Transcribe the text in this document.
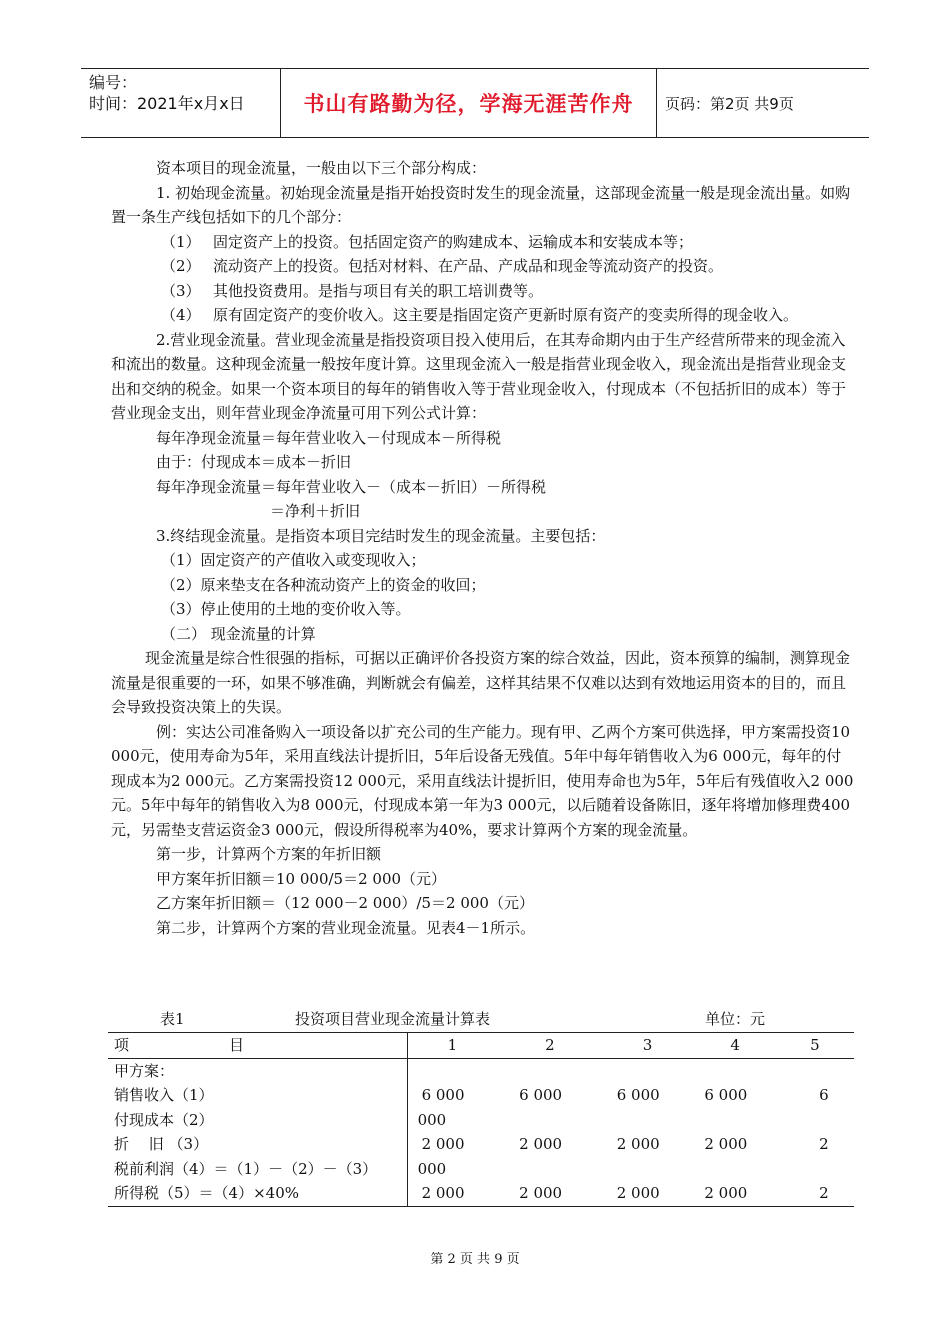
编号：
时间：2021年x月x日	书山有路勤为径，学海无涯苦作舟	页码：第2页 共9页

资本项目的现金流量，一般由以下三个部分构成：

1. 初始现金流量。初始现金流量是指开始投资时发生的现金流量，这部现金流量一般是现金流出量。如购置一条生产线包括如下的几个部分：

（1） 固定资产上的投资。包括固定资产的购建成本、运输成本和安装成本等；

（2） 流动资产上的投资。包括对材料、在产品、产成品和现金等流动资产的投资。

（3） 其他投资费用。是指与项目有关的职工培训费等。

（4） 原有固定资产的变价收入。这主要是指固定资产更新时原有资产的变卖所得的现金收入。

2.营业现金流量。营业现金流量是指投资项目投入使用后，在其寿命期内由于生产经营所带来的现金流入和流出的数量。这种现金流量一般按年度计算。这里现金流入一般是指营业现金收入，现金流出是指营业现金支出和交纳的税金。如果一个资本项目的每年的销售收入等于营业现金收入，付现成本（不包括折旧的成本）等于营业现金支出，则年营业现金净流量可用下列公式计算：

每年净现金流量＝每年营业收入－付现成本－所得税

由于：付现成本＝成本－折旧

每年净现金流量＝每年营业收入－（成本－折旧）－所得税

＝净利＋折旧

3.终结现金流量。是指资本项目完结时发生的现金流量。主要包括：

（1）固定资产的产值收入或变现收入；

（2）原来垫支在各种流动资产上的资金的收回；

（3）停止使用的土地的变价收入等。

（二） 现金流量的计算

现金流量是综合性很强的指标，可据以正确评价各投资方案的综合效益，因此，资本预算的编制，测算现金流量是很重要的一环，如果不够准确，判断就会有偏差，这样其结果不仅难以达到有效地运用资本的目的，而且会导致投资决策上的失误。

例：实达公司准备购入一项设备以扩充公司的生产能力。现有甲、乙两个方案可供选择，甲方案需投资10 000元，使用寿命为5年，采用直线法计提折旧，5年后设备无残值。5年中每年销售收入为6 000元，每年的付现成本为2 000元。乙方案需投资12 000元，采用直线法计提折旧，使用寿命也为5年，5年后有残值收入2 000元。5年中每年的销售收入为8 000元，付现成本第一年为3 000元，以后随着设备陈旧，逐年将增加修理费400元，另需垫支营运资金3 000元，假设所得税率为40%，要求计算两个方案的现金流量。

第一步，计算两个方案的年折旧额

甲方案年折旧额＝10 000/5＝2 000（元）

乙方案年折旧额＝（12 000－2 000）/5＝2 000（元）

第二步，计算两个方案的营业现金流量。见表4－1所示。

表1	投资项目营业现金流量计算表	单位：元
项 目	1	2	3	4	5
甲方案：					
销售收入（1）	6 000	6 000	6 000	6 000	6
付现成本（2）	000				
折　 旧 （3）	2 000	2 000	2 000	2 000	2
税前利润（4）＝（1）－（2）－（3）	000				
所得税（5）＝（4）×40%	2 000	2 000	2 000	2 000	2
第 2 页 共 9 页
